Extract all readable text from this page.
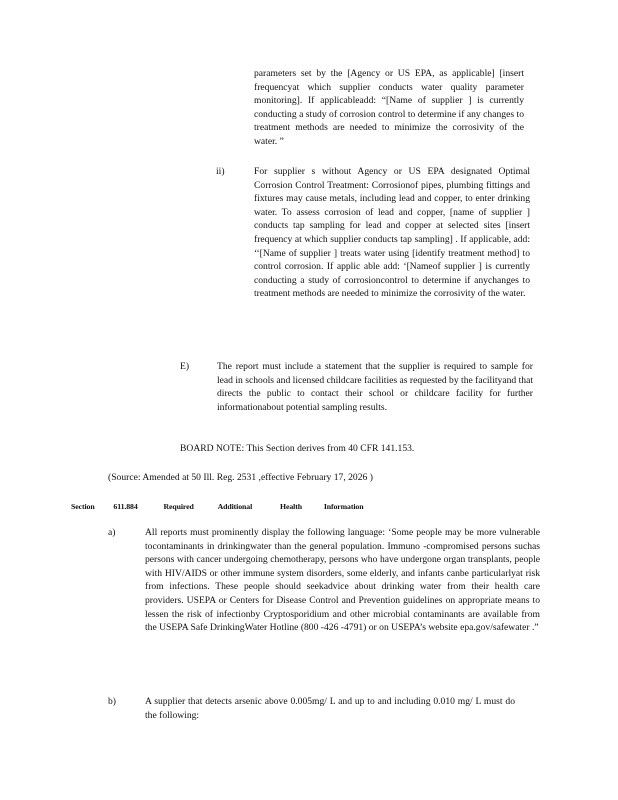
parameters set by the [Agency or US EPA, as applicable] [insert frequencyat which supplier conducts water quality parameter monitoring]. If applicableadd: “[Name of supplier ] is currently conducting a study of corrosion control to determine if any changes to treatment methods are needed to minimize the corrosivity of the water. ”

ii)	For supplier s without Agency or US EPA designated Optimal Corrosion Control Treatment: Corrosionof pipes, plumbing fittings and fixtures may cause metals, including lead and copper, to enter drinking water. To assess corrosion of lead and copper, [name of supplier ] conducts tap sampling for lead and copper at selected sites [insert frequency at which supplier conducts tap sampling] . If applicable, add: ‘‘[Name of supplier ] treats water using [identify treatment method] to control corrosion. If applic able add: ‘[Nameof supplier ] is currently conducting a study of corrosioncontrol to determine if anychanges to treatment methods are needed to minimize the corrosivity of the water.

E)	The report must include a statement that the supplier is required to sample for lead in schools and licensed childcare facilities as requested by the facilityand that directs the public to contact their school or childcare facility for further informationabout potential sampling results.

BOARD NOTE: This Section derives from 40 CFR 141.153.
(Source: Amended at 50 Ill. Reg. 2531 ,effective February 17, 2026 )
Section 611.884	Required	Additional	Health	Information
a)	All reports must prominently display the following language: ‘Some people may be more vulnerable tocontaminants in drinkingwater than the general population. Immuno -compromised persons suchas persons with cancer undergoing chemotherapy, persons who have undergone organ transplants, people with HIV/AIDS or other immune system disorders, some elderly, and infants canbe particularlyat risk from infections. These people should seekadvice about drinking water from their health care providers. USEPA or Centers for Disease Control and Prevention guidelines on appropriate means to lessen the risk of infectionby Cryptosporidium and other microbial contaminants are available from the USEPA Safe DrinkingWater Hotline (800 -426 -4791) or on USEPA’s website epa.gov/safewater .”

b)	A supplier that detects arsenic above 0.005mg/ L and up to and including 0.010 mg/ L must do the following:
